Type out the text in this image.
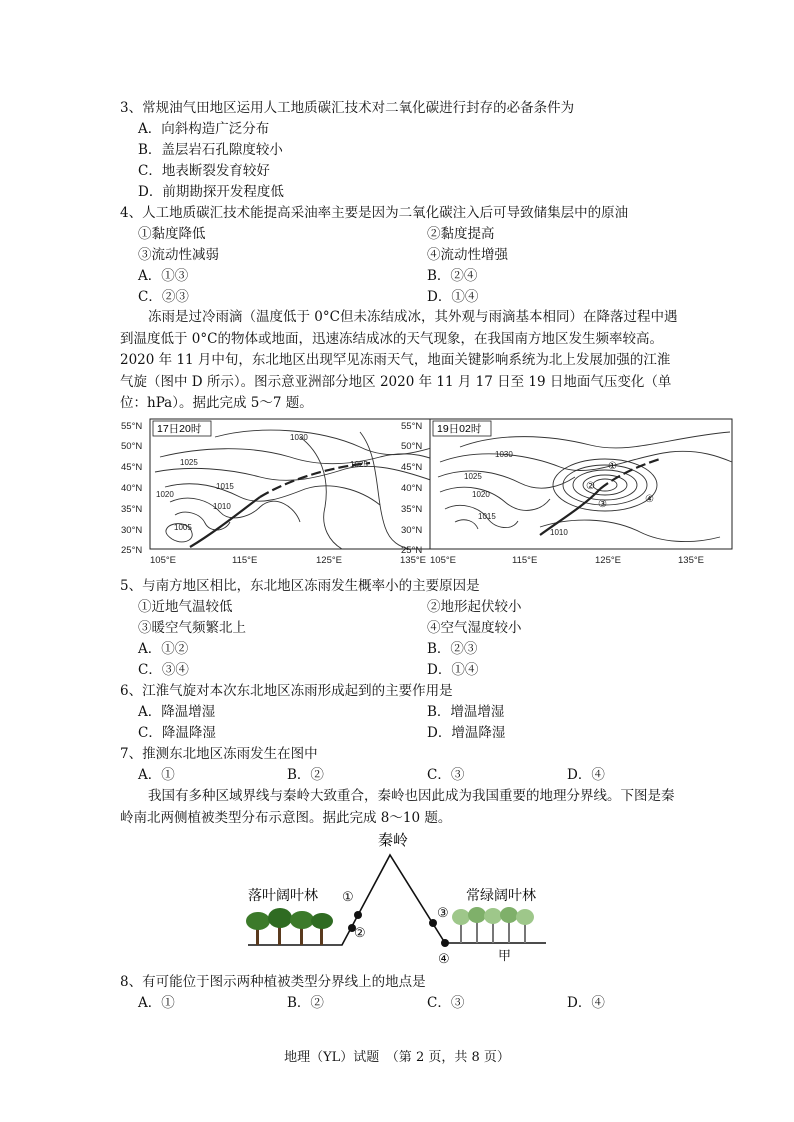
3、常规油气田地区运用人工地质碳汇技术对二氧化碳进行封存的必备条件为
A．向斜构造广泛分布
B．盖层岩石孔隙度较小
C．地表断裂发育较好
D．前期勘探开发程度低
4、人工地质碳汇技术能提高采油率主要是因为二氧化碳注入后可导致储集层中的原油
①黏度降低	②黏度提高
③流动性减弱	④流动性增强
A．①③	B．②④
C．②③	D．①④
冻雨是过冷雨滴（温度低于 0°C但未冻结成冰，其外观与雨滴基本相同）在降落过程中遇到温度低于 0°C的物体或地面，迅速冻结成冰的天气现象，在我国南方地区发生频率较高。2020 年 11 月中旬，东北地区出现罕见冻雨天气，地面关键影响系统为北上发展加强的江淮气旋（图中 D 所示）。图示意亚洲部分地区 2020 年 11 月 17 日至 19 日地面气压变化（单位：hPa）。据此完成 5～7 题。
55°N
50°N
45°N
40°N
35°N
30°N
25°N
105°E	115°E	125°E	135°E
17日20时
1030
1025	1025
1020
1015
1010
1005
55°N
50°N
45°N
40°N
35°N
30°N
25°N
105°E	115°E	125°E	135°E
19日02时
1030
1025
1020
1015
1010
①
②
③	④
5、与南方地区相比，东北地区冻雨发生概率小的主要原因是
①近地气温较低	②地形起伏较小
③暖空气频繁北上	④空气湿度较小
A．①②	B．②③
C．③④	D．①④
6、江淮气旋对本次东北地区冻雨形成起到的主要作用是
A．降温增湿	B．增温增湿
C．降温降湿	D．增温降湿
7、推测东北地区冻雨发生在图中
A．①	B．②	C．③	D．④
我国有多种区域界线与秦岭大致重合，秦岭也因此成为我国重要的地理分界线。下图是秦岭南北两侧植被类型分布示意图。据此完成 8～10 题。
秦岭
落叶阔叶林	常绿阔叶林
①
②
③
④	甲
8、有可能位于图示两种植被类型分界线上的地点是
A．①	B．②	C．③	D．④
地理（YL）试题　（第 2 页，共 8 页）
